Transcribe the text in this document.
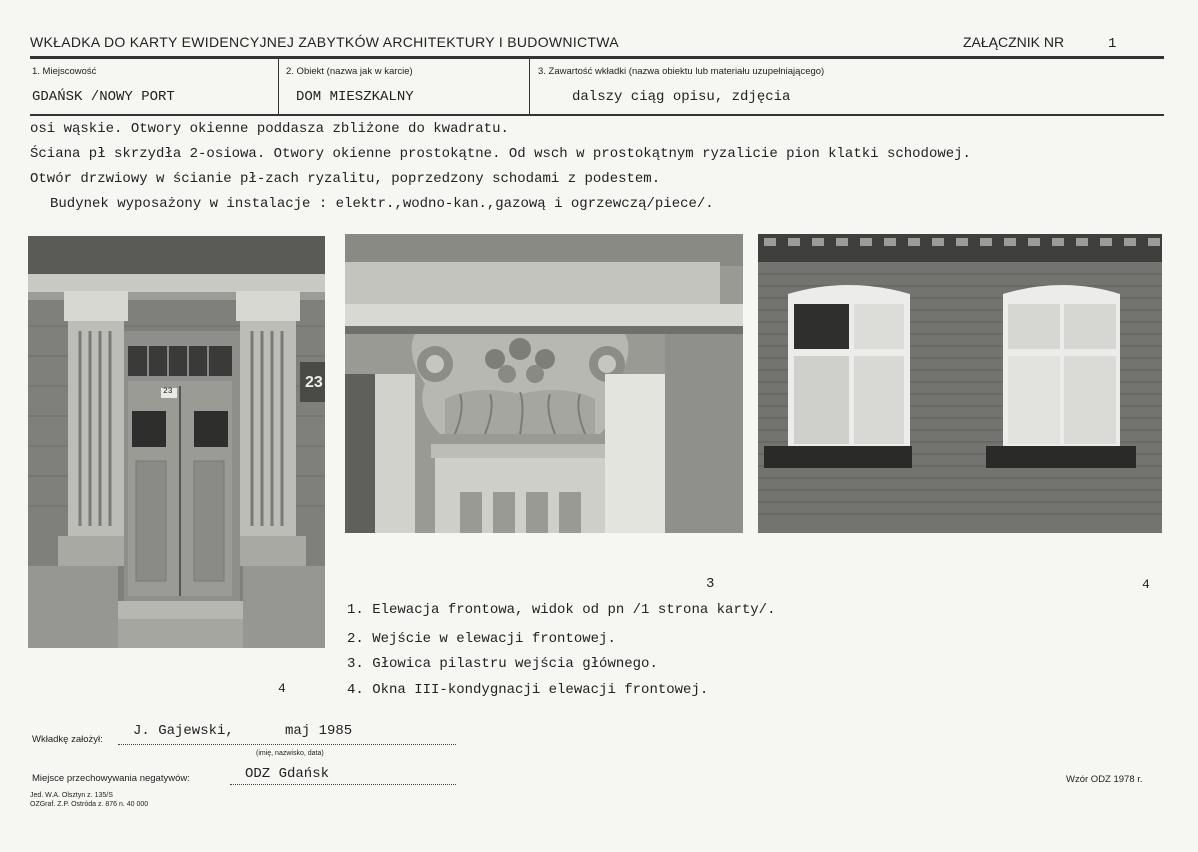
WKŁADKA DO KARTY EWIDENCYJNEJ ZABYTKÓW ARCHITEKTURY I BUDOWNICTWA	ZAŁĄCZNIK NR	1
1. Miejscowość
GDAŃSK /NOWY PORT
2. Obiekt (nazwa jak w karcie)
DOM MIESZKALNY
3. Zawartość wkładki (nazwa obiektu lub materiału uzupełniającego)
dalszy ciąg opisu, zdjęcia
osi wąskie. Otwory okienne poddasza zbliżone do kwadratu.
Ściana pł skrzydła 2-osiowa. Otwory okienne prostokątne. Od wsch w prostokątnym ryzalicie pion klatki schodowej.
Otwór drzwiowy w ścianie pł-zach ryzalitu, poprzedzony schodami z podestem.
Budynek wyposażony w instalacje : elektr.,wodno-kan.,gazową i ogrzewczą/piece/.
23
23
3	4
4
1. Elewacja frontowa, widok od pn /1 strona karty/.
2. Wejście w elewacji frontowej.
3. Głowica pilastru wejścia głównego.
4. Okna III-kondygnacji elewacji frontowej.
Wkładkę założył:
J. Gajewski,	maj 1985
(imię, nazwisko, data)
Miejsce przechowywania negatywów:	ODZ Gdańsk
Jed. W.A. Olsztyn z. 135/S
OZGraf. Z.P. Ostróda z. 876 n. 40 000
Wzór ODZ 1978 r.
